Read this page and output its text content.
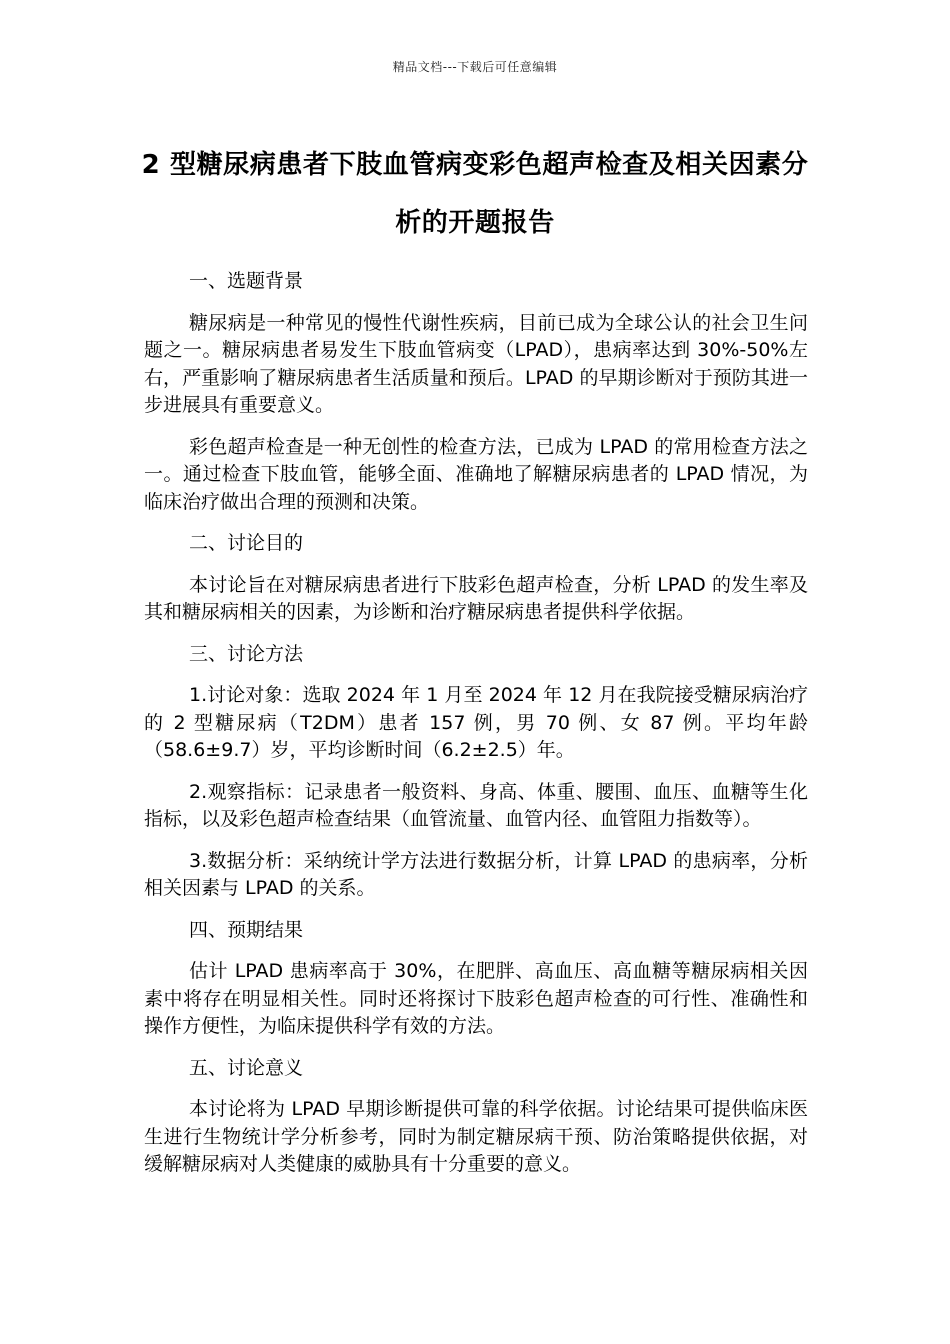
精品文档---下载后可任意编辑
2 型糖尿病患者下肢血管病变彩色超声检查及相关因素分析的开题报告
一、选题背景

糖尿病是一种常见的慢性代谢性疾病，目前已成为全球公认的社会卫生问题之一。糖尿病患者易发生下肢血管病变（LPAD），患病率达到 30%-50%左右，严重影响了糖尿病患者生活质量和预后。LPAD 的早期诊断对于预防其进一步进展具有重要意义。

彩色超声检查是一种无创性的检查方法，已成为 LPAD 的常用检查方法之一。通过检查下肢血管，能够全面、准确地了解糖尿病患者的 LPAD 情况，为临床治疗做出合理的预测和决策。

二、讨论目的

本讨论旨在对糖尿病患者进行下肢彩色超声检查，分析 LPAD 的发生率及其和糖尿病相关的因素，为诊断和治疗糖尿病患者提供科学依据。

三、讨论方法

1.讨论对象：选取 2024 年 1 月至 2024 年 12 月在我院接受糖尿病治疗的 2 型糖尿病（T2DM）患者 157 例，男 70 例、女 87 例。平均年龄（58.6±9.7）岁，平均诊断时间（6.2±2.5）年。

2.观察指标：记录患者一般资料、身高、体重、腰围、血压、血糖等生化指标，以及彩色超声检查结果（血管流量、血管内径、血管阻力指数等）。

3.数据分析：采纳统计学方法进行数据分析，计算 LPAD 的患病率，分析相关因素与 LPAD 的关系。

四、预期结果

估计 LPAD 患病率高于 30%，在肥胖、高血压、高血糖等糖尿病相关因素中将存在明显相关性。同时还将探讨下肢彩色超声检查的可行性、准确性和操作方便性，为临床提供科学有效的方法。

五、讨论意义

本讨论将为 LPAD 早期诊断提供可靠的科学依据。讨论结果可提供临床医生进行生物统计学分析参考，同时为制定糖尿病干预、防治策略提供依据，对缓解糖尿病对人类健康的威胁具有十分重要的意义。
